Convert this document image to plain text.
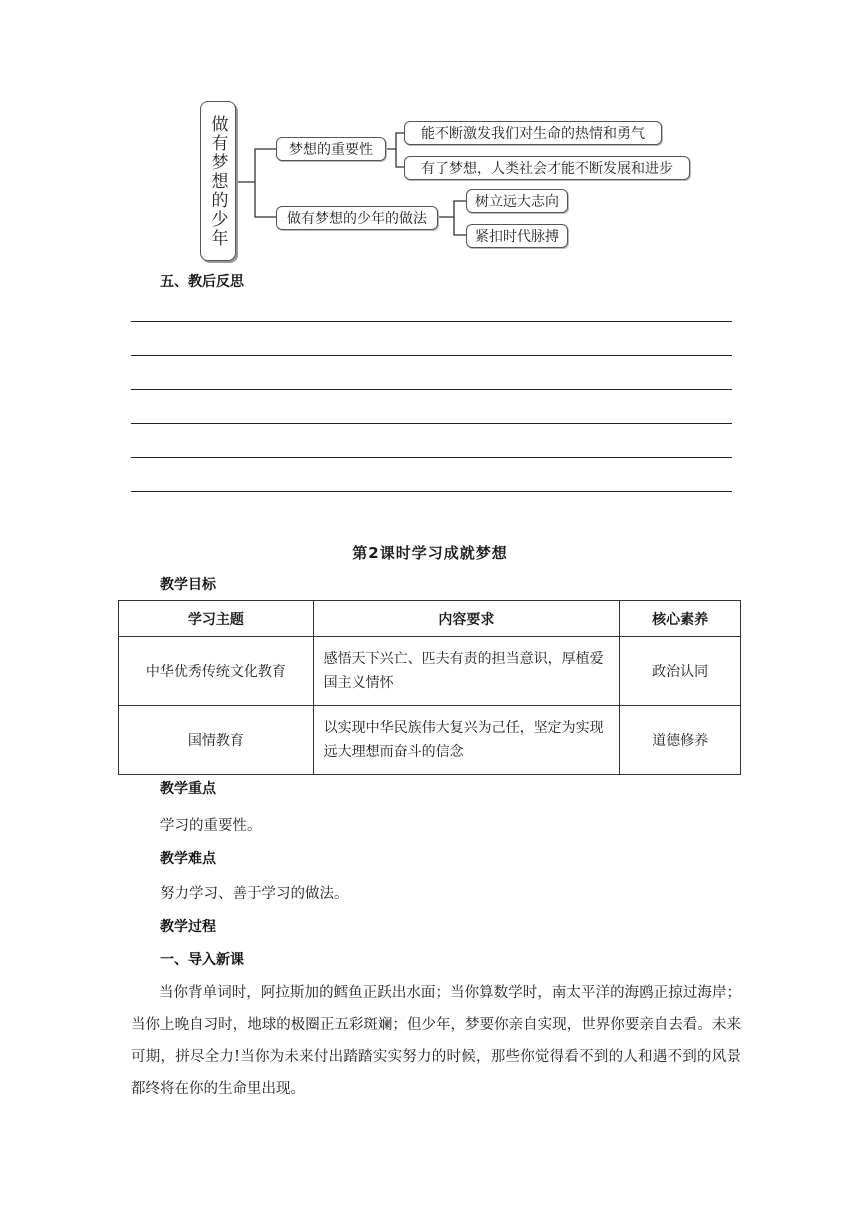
做有梦想的少年	梦想的重要性
做有梦想的少年的做法
能不断激发我们对生命的热情和勇气
有了梦想，人类社会才能不断发展和进步
树立远大志向
紧扣时代脉搏
五、教后反思
第2课时学习成就梦想
教学目标
学习主题	内容要求	核心素养
中华优秀传统文化教育	感悟天下兴亡、匹夫有责的担当意识，厚植爱国主义情怀	政治认同
国情教育	以实现中华民族伟大复兴为己任，坚定为实现远大理想而奋斗的信念	道德修养
教学重点
学习的重要性。
教学难点
努力学习、善于学习的做法。
教学过程
一、导入新课
当你背单词时，阿拉斯加的鳕鱼正跃出水面；当你算数学时，南太平洋的海鸥正掠过海岸；当你上晚自习时，地球的极圈正五彩斑斓；但少年，梦要你亲自实现，世界你要亲自去看。未来可期，拼尽全力!当你为未来付出踏踏实实努力的时候，那些你觉得看不到的人和遇不到的风景都终将在你的生命里出现。
